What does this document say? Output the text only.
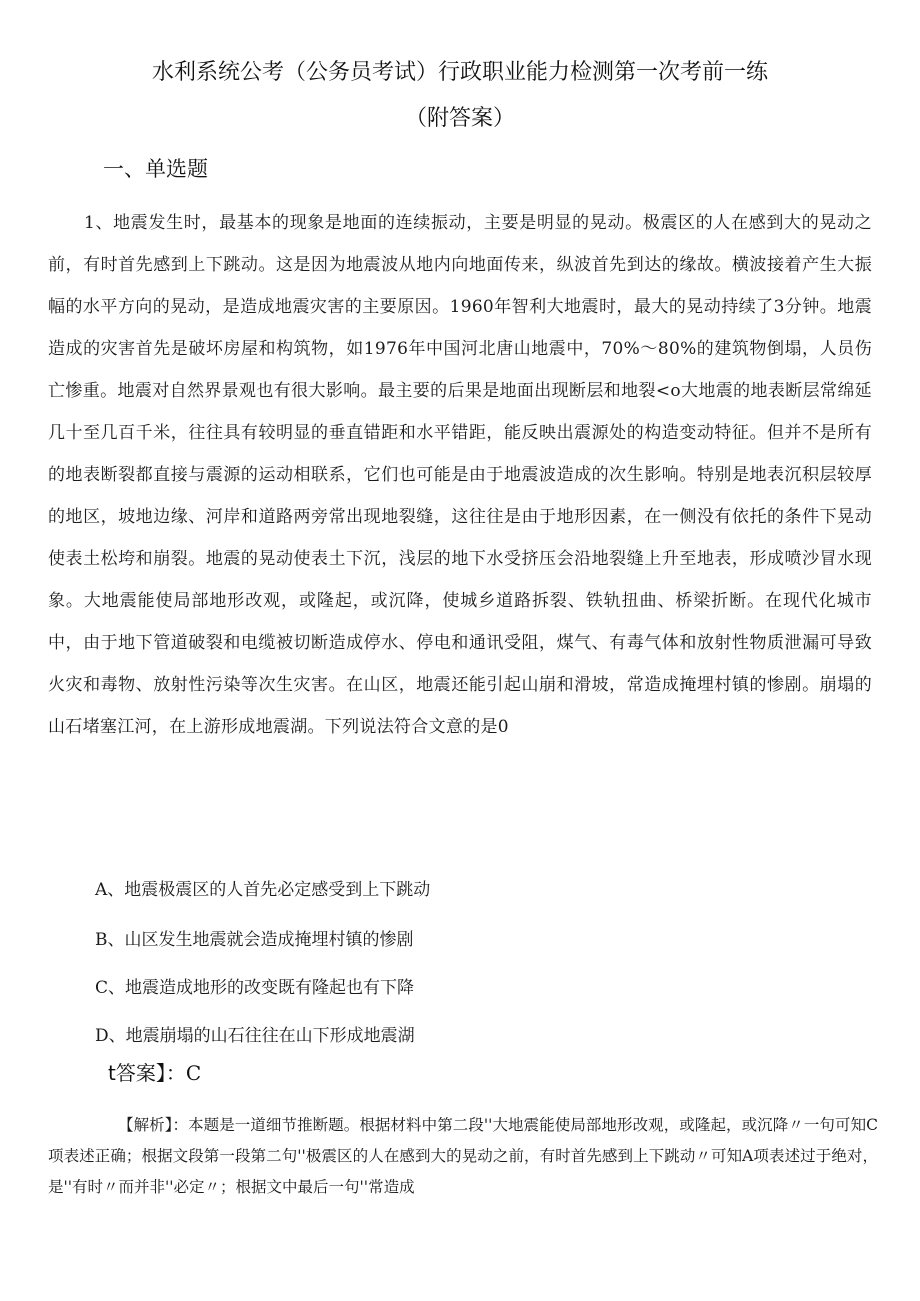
水利系统公考（公务员考试）行政职业能力检测第一次考前一练
（附答案）
一、单选题
1、地震发生时，最基本的现象是地面的连续振动，主要是明显的晃动。极震区的人在感到大的晃动之前，有时首先感到上下跳动。这是因为地震波从地内向地面传来，纵波首先到达的缘故。横波接着产生大振幅的水平方向的晃动，是造成地震灾害的主要原因。1960年智利大地震时，最大的晃动持续了3分钟。地震造成的灾害首先是破坏房屋和构筑物，如1976年中国河北唐山地震中，70%～80%的建筑物倒塌，人员伤亡惨重。地震对自然界景观也有很大影响。最主要的后果是地面出现断层和地裂<o大地震的地表断层常绵延几十至几百千米，往往具有较明显的垂直错距和水平错距，能反映出震源处的构造变动特征。但并不是所有的地表断裂都直接与震源的运动相联系，它们也可能是由于地震波造成的次生影响。特别是地表沉积层较厚的地区，坡地边缘、河岸和道路两旁常出现地裂缝，这往往是由于地形因素，在一侧没有依托的条件下晃动使表土松垮和崩裂。地震的晃动使表土下沉，浅层的地下水受挤压会沿地裂缝上升至地表，形成喷沙冒水现象。大地震能使局部地形改观，或隆起，或沉降，使城乡道路拆裂、铁轨扭曲、桥梁折断。在现代化城市中，由于地下管道破裂和电缆被切断造成停水、停电和通讯受阻，煤气、有毒气体和放射性物质泄漏可导致火灾和毒物、放射性污染等次生灾害。在山区，地震还能引起山崩和滑坡，常造成掩埋村镇的惨剧。崩塌的山石堵塞江河，在上游形成地震湖。下列说法符合文意的是0
A、地震极震区的人首先必定感受到上下跳动
B、山区发生地震就会造成掩埋村镇的惨剧
C、地震造成地形的改变既有隆起也有下降
D、地震崩塌的山石往往在山下形成地震湖
t答案】：C
【解析】：本题是一道细节推断题。根据材料中第二段''大地震能使局部地形改观，或隆起，或沉降〃一句可知C项表述正确；根据文段第一段第二句''极震区的人在感到大的晃动之前，有时首先感到上下跳动〃可知A项表述过于绝对，是''有时〃而并非''必定〃；根据文中最后一句''常造成
